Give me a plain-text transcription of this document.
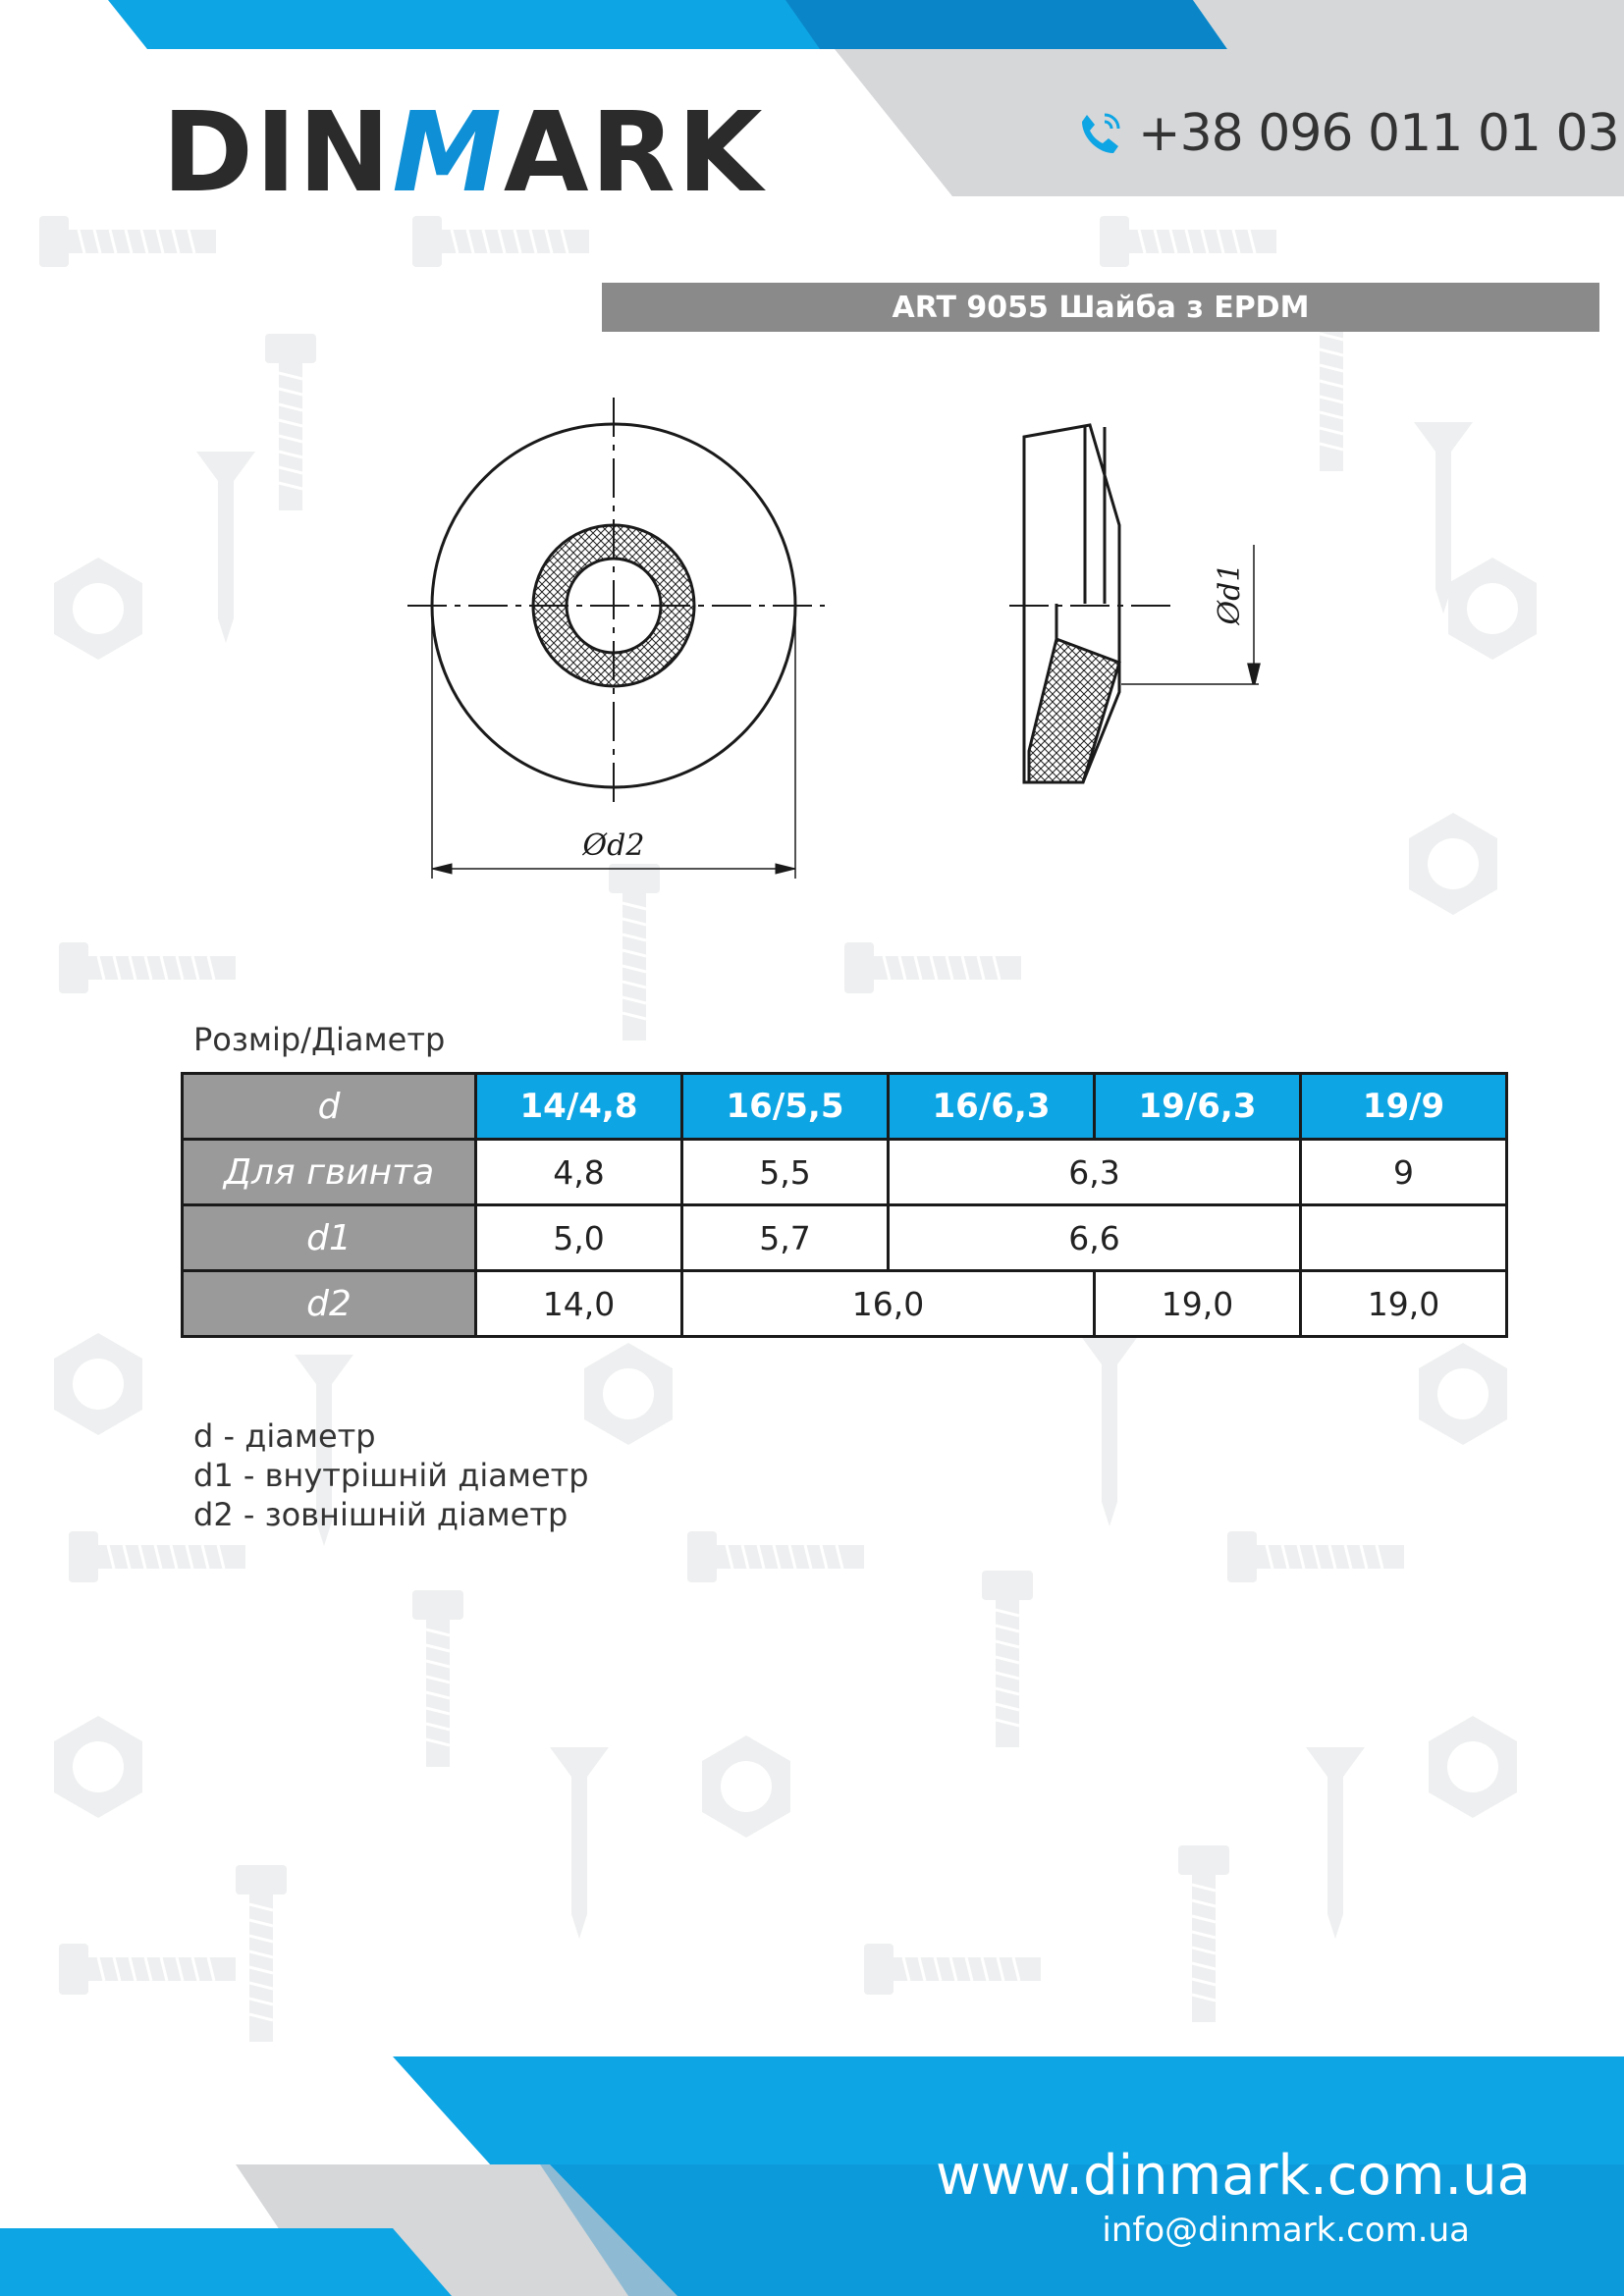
DINMARK	+38 096 011 01 03
ART 9055 Шайба з EPDM
Ød2
Ød1
Розмір/Діаметр
d	14/4,8	16/5,5	16/6,3	19/6,3	19/9
Для гвинта	4,8	5,5	6,3		9
d1	5,0	5,7	6,6		
d2	14,0	16,0		19,0	19,0
d - діаметр
d1 - внутрішній діаметр
d2 - зовнішній діаметр
www.dinmark.com.ua
info@dinmark.com.ua
